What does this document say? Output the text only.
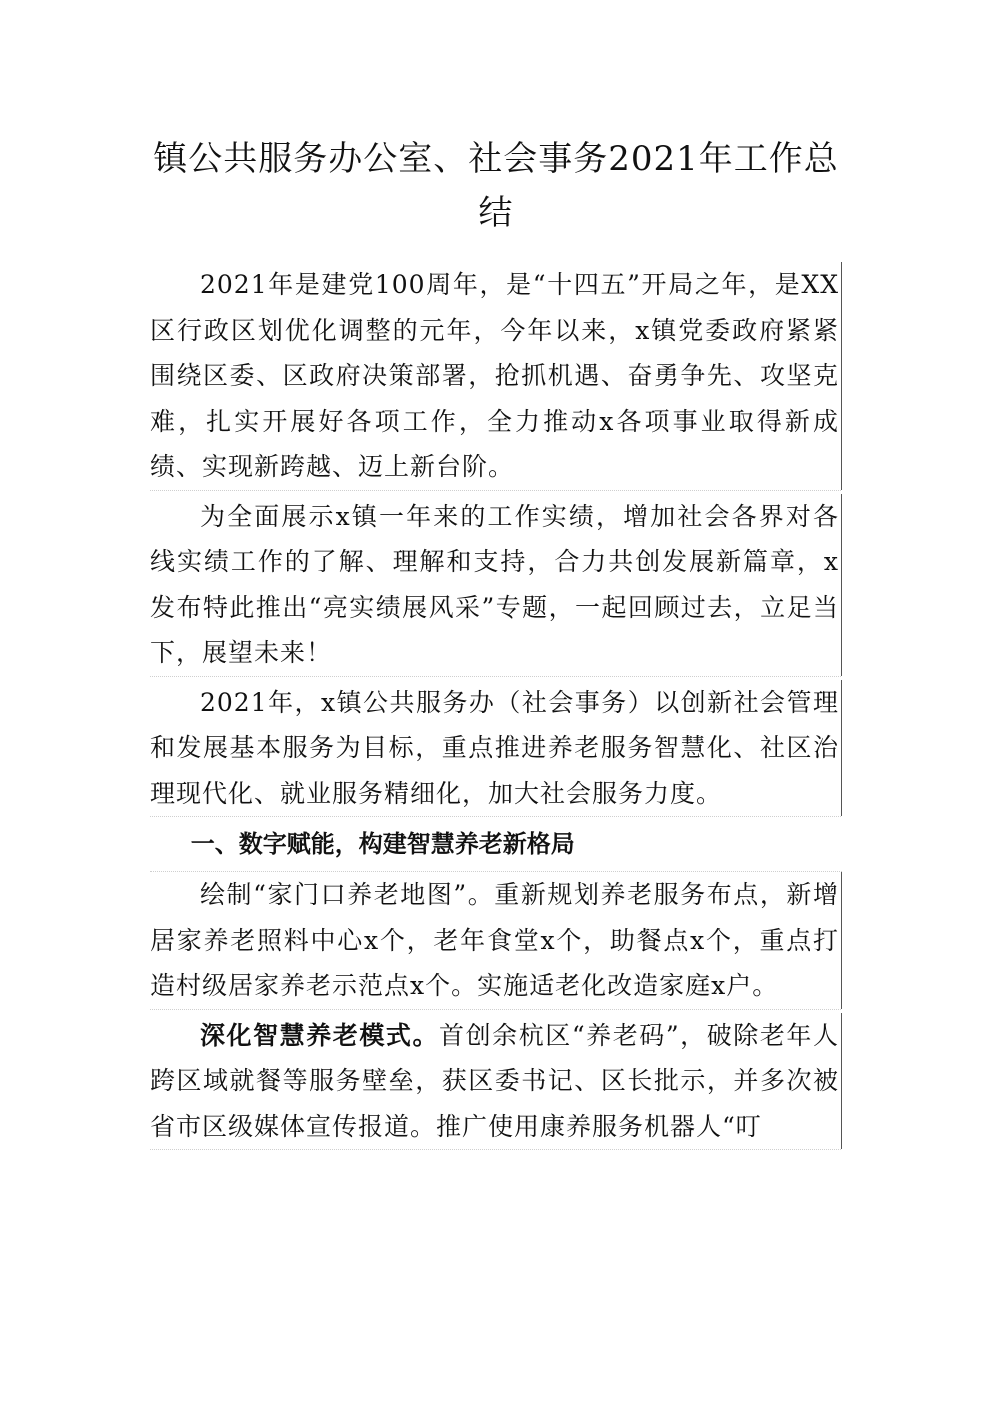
镇公共服务办公室、社会事务2021年工作总结

2021年是建党100周年，是“十四五”开局之年，是XX区行政区划优化调整的元年，今年以来，x镇党委政府紧紧围绕区委、区政府决策部署，抢抓机遇、奋勇争先、攻坚克难，扎实开展好各项工作，全力推动x各项事业取得新成绩、实现新跨越、迈上新台阶。

为全面展示x镇一年来的工作实绩，增加社会各界对各线实绩工作的了解、理解和支持，合力共创发展新篇章，x发布特此推出“亮实绩展风采”专题，一起回顾过去，立足当下，展望未来！

2021年，x镇公共服务办（社会事务）以创新社会管理和发展基本服务为目标，重点推进养老服务智慧化、社区治理现代化、就业服务精细化，加大社会服务力度。

一、数字赋能，构建智慧养老新格局

绘制“家门口养老地图”。重新规划养老服务布点，新增居家养老照料中心x个，老年食堂x个，助餐点x个，重点打造村级居家养老示范点x个。实施适老化改造家庭x户。

深化智慧养老模式。首创余杭区“养老码”，破除老年人跨区域就餐等服务壁垒，获区委书记、区长批示，并多次被省市区级媒体宣传报道。推广使用康养服务机器人“叮
